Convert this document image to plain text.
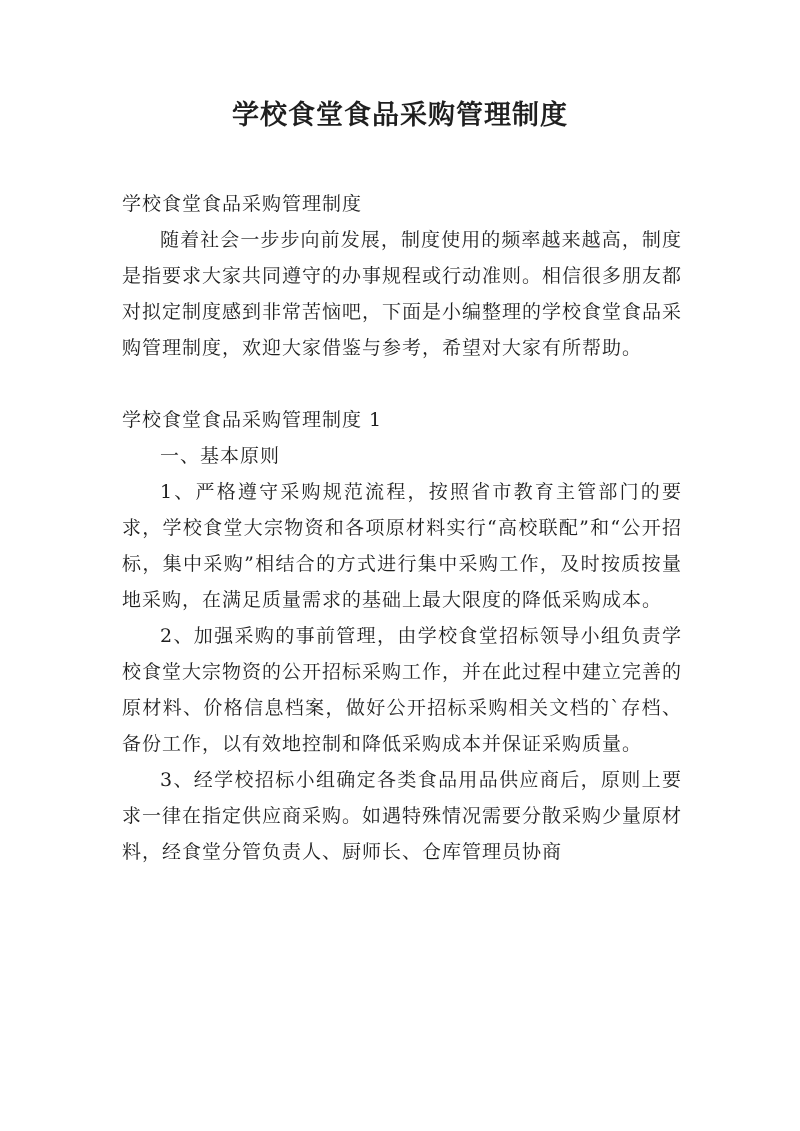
学校食堂食品采购管理制度

学校食堂食品采购管理制度

随着社会一步步向前发展，制度使用的频率越来越高，制度是指要求大家共同遵守的办事规程或行动准则。相信很多朋友都对拟定制度感到非常苦恼吧，下面是小编整理的学校食堂食品采购管理制度，欢迎大家借鉴与参考，希望对大家有所帮助。

学校食堂食品采购管理制度 1

一、基本原则

1、严格遵守采购规范流程，按照省市教育主管部门的要求，学校食堂大宗物资和各项原材料实行“高校联配”和“公开招标，集中采购”相结合的方式进行集中采购工作，及时按质按量地采购，在满足质量需求的基础上最大限度的降低采购成本。

2、加强采购的事前管理，由学校食堂招标领导小组负责学校食堂大宗物资的公开招标采购工作，并在此过程中建立完善的原材料、价格信息档案，做好公开招标采购相关文档的`存档、备份工作，以有效地控制和降低采购成本并保证采购质量。

3、经学校招标小组确定各类食品用品供应商后，原则上要求一律在指定供应商采购。如遇特殊情况需要分散采购少量原材料，经食堂分管负责人、厨师长、仓库管理员协商
